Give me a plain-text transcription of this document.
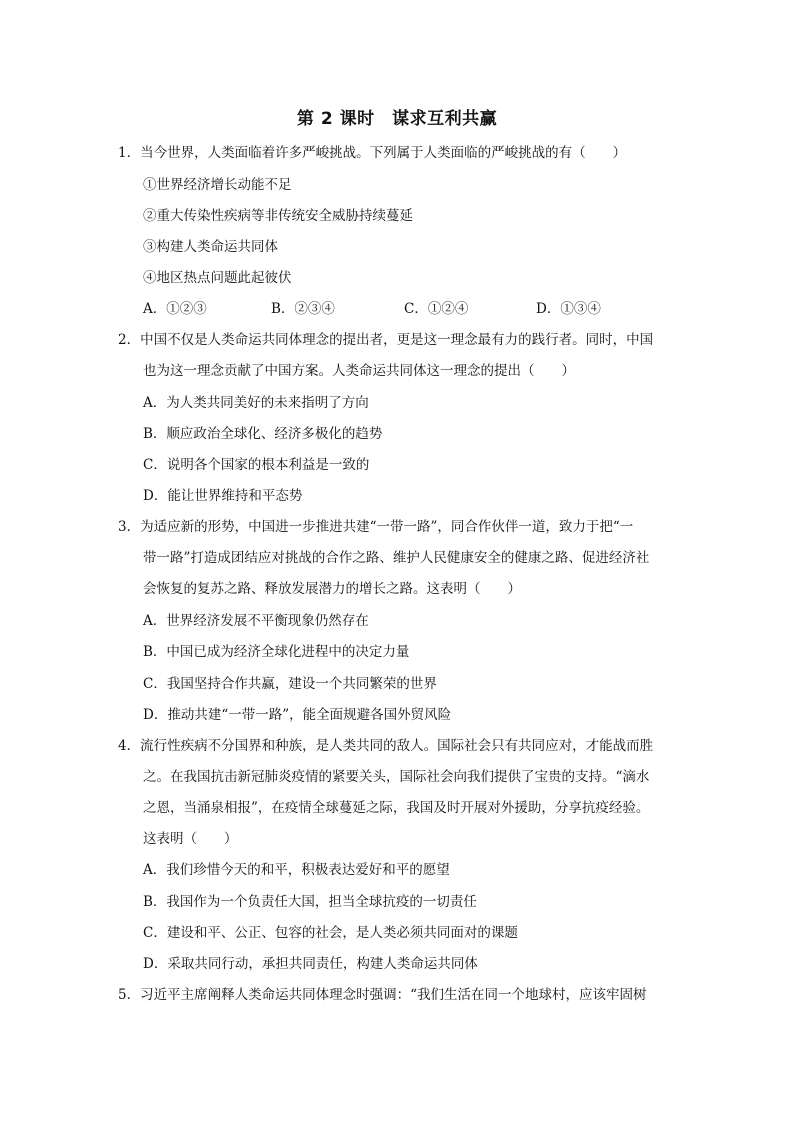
第 2 课时　谋求互利共赢
1．当今世界，人类面临着许多严峻挑战。下列属于人类面临的严峻挑战的有（　　）
①世界经济增长动能不足
②重大传染性疾病等非传统安全威胁持续蔓延
③构建人类命运共同体
④地区热点问题此起彼伏
A．①②③	B．②③④	C．①②④	D．①③④
2．中国不仅是人类命运共同体理念的提出者，更是这一理念最有力的践行者。同时，中国
也为这一理念贡献了中国方案。人类命运共同体这一理念的提出（　　）
A．为人类共同美好的未来指明了方向
B．顺应政治全球化、经济多极化的趋势
C．说明各个国家的根本利益是一致的
D．能让世界维持和平态势
3．为适应新的形势，中国进一步推进共建“一带一路”，同合作伙伴一道，致力于把“一
带一路”打造成团结应对挑战的合作之路、维护人民健康安全的健康之路、促进经济社
会恢复的复苏之路、释放发展潜力的增长之路。这表明（　　）
A．世界经济发展不平衡现象仍然存在
B．中国已成为经济全球化进程中的决定力量
C．我国坚持合作共赢，建设一个共同繁荣的世界
D．推动共建“一带一路”，能全面规避各国外贸风险
4．流行性疾病不分国界和种族，是人类共同的敌人。国际社会只有共同应对，才能战而胜
之。在我国抗击新冠肺炎疫情的紧要关头，国际社会向我们提供了宝贵的支持。“滴水
之恩，当涌泉相报”，在疫情全球蔓延之际，我国及时开展对外援助，分享抗疫经验。
这表明（　　）
A．我们珍惜今天的和平，积极表达爱好和平的愿望
B．我国作为一个负责任大国，担当全球抗疫的一切责任
C．建设和平、公正、包容的社会，是人类必须共同面对的课题
D．采取共同行动，承担共同责任，构建人类命运共同体
5．习近平主席阐释人类命运共同体理念时强调：“我们生活在同一个地球村，应该牢固树
